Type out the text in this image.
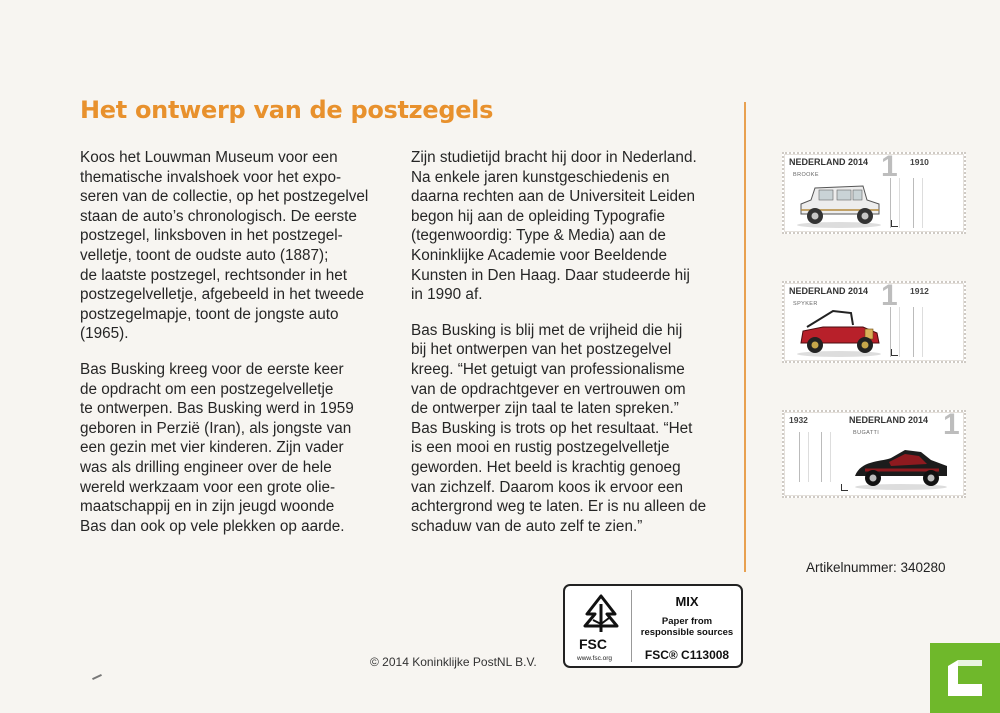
Het ontwerp van de postzegels

Koos het Louwman Museum voor een
thematische invalshoek voor het expo-
seren van de collectie, op het postzegelvel
staan de auto’s chronologisch. De eerste
postzegel, linksboven in het postzegel-
velletje, toont de oudste auto (1887);
de laatste postzegel, rechtsonder in het
postzegelvelletje, afgebeeld in het tweede
postzegelmapje, toont de jongste auto
(1965).

Bas Busking kreeg voor de eerste keer
de opdracht om een postzegelvelletje
te ontwerpen. Bas Busking werd in 1959
geboren in Perzië (Iran), als jongste van
een gezin met vier kinderen. Zijn vader
was als drilling engineer over de hele
wereld werkzaam voor een grote olie-
maatschappij en in zijn jeugd woonde
Bas dan ook op vele plekken op aarde.

Zijn studietijd bracht hij door in Nederland.
Na enkele jaren kunstgeschiedenis en
daarna rechten aan de Universiteit Leiden
begon hij aan de opleiding Typografie
(tegenwoordig: Type & Media) aan de
Koninklijke Academie voor Beeldende
Kunsten in Den Haag. Daar studeerde hij
in 1990 af.

Bas Busking is blij met de vrijheid die hij
bij het ontwerpen van het postzegelvel
kreeg. “Het getuigt van professionalisme
van de opdrachtgever en vertrouwen om
de ontwerper zijn taal te laten spreken.”
Bas Busking is trots op het resultaat. “Het
is een mooi en rustig postzegelvelletje
geworden. Het beeld is krachtig genoeg
van zichzelf. Daarom koos ik ervoor een
achtergrond weg te laten. Er is nu alleen de
schaduw van de auto zelf te zien.”

NEDERLAND 2014 1 1910
BROOKE
NEDERLAND 2014 1 1912
SPYKER
1932	NEDERLAND 2014 1
BUGATTI
Artikelnummer: 340280
FSC
www.fsc.org
MIX
Paper from
responsible sources
FSC® C113008
© 2014 Koninklijke PostNL B.V.
